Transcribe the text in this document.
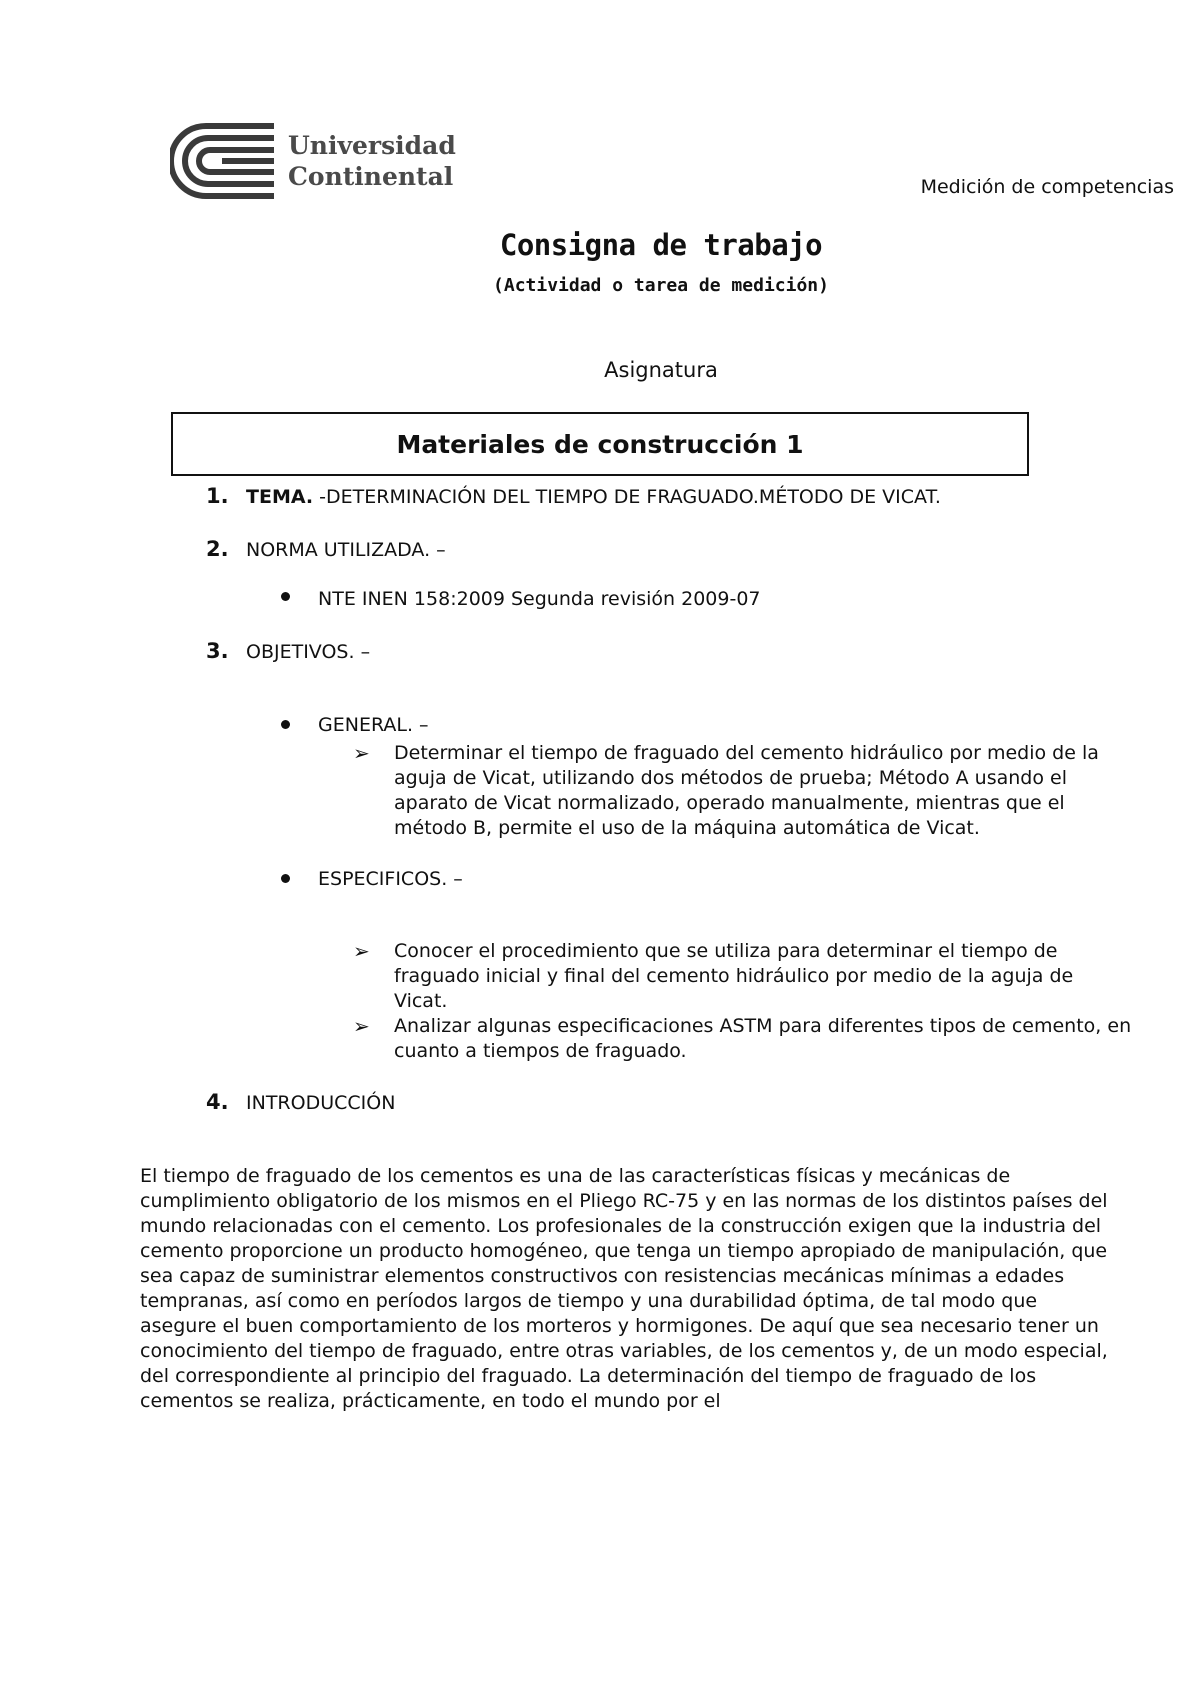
Universidad
Continental	Medición de competencias
Consigna de trabajo
(Actividad o tarea de medición)
Asignatura
Materiales de construcción 1
1. TEMA. -DETERMINACIÓN DEL TIEMPO DE FRAGUADO.MÉTODO DE VICAT.
2. NORMA UTILIZADA. –
NTE INEN 158:2009 Segunda revisión 2009-07
3. OBJETIVOS. –
GENERAL. –
➢ Determinar el tiempo de fraguado del cemento hidráulico por medio de la
aguja de Vicat, utilizando dos métodos de prueba; Método A usando el
aparato de Vicat normalizado, operado manualmente, mientras que el
método B, permite el uso de la máquina automática de Vicat.
ESPECIFICOS. –
➢ Conocer el procedimiento que se utiliza para determinar el tiempo de
fraguado inicial y final del cemento hidráulico por medio de la aguja de
Vicat.
➢ Analizar algunas especificaciones ASTM para diferentes tipos de cemento, en
cuanto a tiempos de fraguado.
4. INTRODUCCIÓN
El tiempo de fraguado de los cementos es una de las características físicas y mecánicas de
cumplimiento obligatorio de los mismos en el Pliego RC-75 y en las normas de los distintos países del
mundo relacionadas con el cemento. Los profesionales de la construcción exigen que la industria del
cemento proporcione un producto homogéneo, que tenga un tiempo apropiado de manipulación, que
sea capaz de suministrar elementos constructivos con resistencias mecánicas mínimas a edades
tempranas, así como en períodos largos de tiempo y una durabilidad óptima, de tal modo que
asegure el buen comportamiento de los morteros y hormigones. De aquí que sea necesario tener un
conocimiento del tiempo de fraguado, entre otras variables, de los cementos y, de un modo especial,
del correspondiente al principio del fraguado. La determinación del tiempo de fraguado de los
cementos se realiza, prácticamente, en todo el mundo por el
